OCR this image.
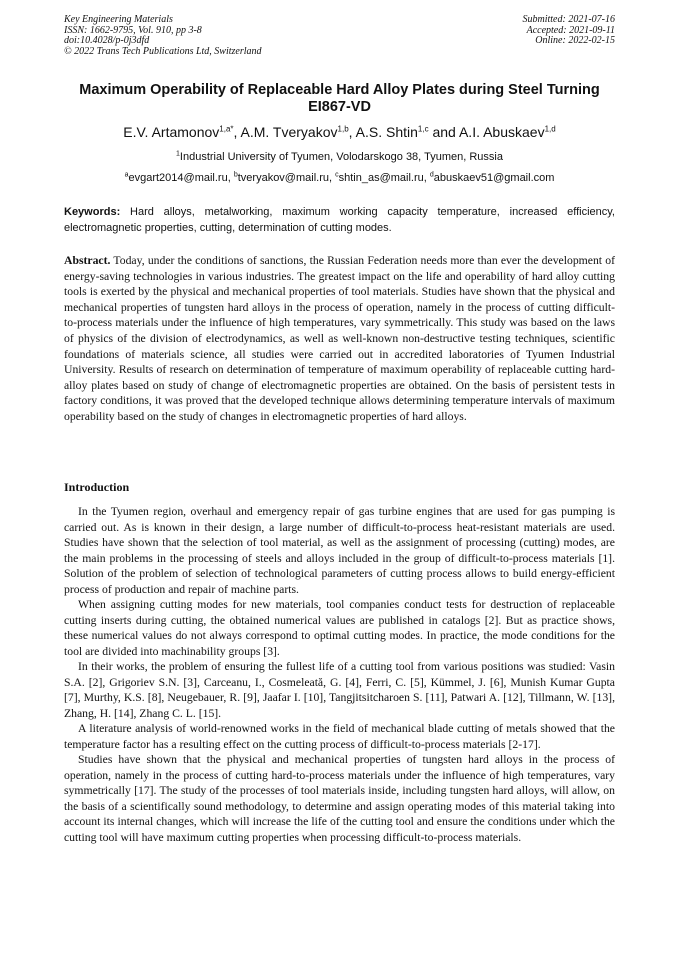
Key Engineering Materials
ISSN: 1662-9795, Vol. 910, pp 3-8
doi:10.4028/p-0j3dfd
© 2022 Trans Tech Publications Ltd, Switzerland
Submitted: 2021-07-16
Accepted: 2021-09-11
Online: 2022-02-15
Maximum Operability of Replaceable Hard Alloy Plates during Steel Turning EI867-VD
E.V. Artamonov$^{1,a*}$, A.M. Tveryakov$^{1,b}$, A.S. Shtin$^{1,c}$ and A.I. Abuskaev$^{1,d}$
$^1$Industrial University of Tyumen, Volodarskogo 38, Tyumen, Russia
$^a$evgart2014@mail.ru, $^b$tveryakov@mail.ru, $^c$shtin_as@mail.ru, $^d$abuskaev51@gmail.com
Keywords: Hard alloys, metalworking, maximum working capacity temperature, increased efficiency, electromagnetic properties, cutting, determination of cutting modes.
Abstract. Today, under the conditions of sanctions, the Russian Federation needs more than ever the development of energy-saving technologies in various industries. The greatest impact on the life and operability of hard alloy cutting tools is exerted by the physical and mechanical properties of tool materials. Studies have shown that the physical and mechanical properties of tungsten hard alloys in the process of operation, namely in the process of cutting difficult-to-process materials under the influence of high temperatures, vary symmetrically. This study was based on the laws of physics of the division of electrodynamics, as well as well-known non-destructive testing techniques, scientific foundations of materials science, all studies were carried out in accredited laboratories of Tyumen Industrial University. Results of research on determination of temperature of maximum operability of replaceable cutting hard-alloy plates based on study of change of electromagnetic properties are obtained. On the basis of persistent tests in factory conditions, it was proved that the developed technique allows determining temperature intervals of maximum operability based on the study of changes in electromagnetic properties of hard alloys.
Introduction

In the Tyumen region, overhaul and emergency repair of gas turbine engines that are used for gas pumping is carried out. As is known in their design, a large number of difficult-to-process heat-resistant materials are used. Studies have shown that the selection of tool material, as well as the assignment of processing (cutting) modes, are the main problems in the processing of steels and alloys included in the group of difficult-to-process materials [1]. Solution of the problem of selection of technological parameters of cutting process allows to build energy-efficient process of production and repair of machine parts.

When assigning cutting modes for new materials, tool companies conduct tests for destruction of replaceable cutting inserts during cutting, the obtained numerical values are published in catalogs [2]. But as practice shows, these numerical values do not always correspond to optimal cutting modes. In practice, the mode conditions for the tool are divided into machinability groups [3].

In their works, the problem of ensuring the fullest life of a cutting tool from various positions was studied: Vasin S.A. [2], Grigoriev S.N. [3], Carceanu, I., Cosmeleată, G. [4], Ferri, C. [5], Kümmel, J. [6], Munish Kumar Gupta [7], Murthy, K.S. [8], Neugebauer, R. [9], Jaafar I. [10], Tangjitsitcharoen S. [11], Patwari A. [12], Tillmann, W. [13], Zhang, H. [14], Zhang C. L. [15].

A literature analysis of world-renowned works in the field of mechanical blade cutting of metals showed that the temperature factor has a resulting effect on the cutting process of difficult-to-process materials [2-17].

Studies have shown that the physical and mechanical properties of tungsten hard alloys in the process of operation, namely in the process of cutting hard-to-process materials under the influence of high temperatures, vary symmetrically [17]. The study of the processes of tool materials inside, including tungsten hard alloys, will allow, on the basis of a scientifically sound methodology, to determine and assign operating modes of this material taking into account its internal changes, which will increase the life of the cutting tool and ensure the conditions under which the cutting tool will have maximum cutting properties when processing difficult-to-process materials.
